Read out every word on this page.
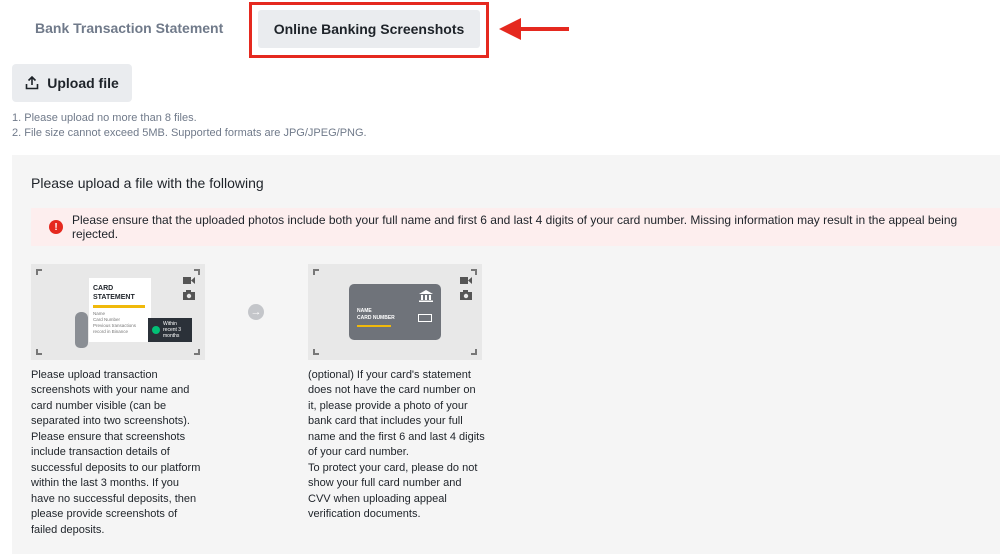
Bank Transaction Statement	Online Banking Screenshots
Upload file
1. Please upload no more than 8 files.
2. File size cannot exceed 5MB. Supported formats are JPG/JPEG/PNG.
Please upload a file with the following
!	Please ensure that the uploaded photos include both your full name and first 6 and last 4 digits of your card number. Missing information may result in the appeal being rejected.
CARD STATEMENT
Name
Card Number
Previous transactions
record in Binance
Within recent 3 months
→	NAME
CARD NUMBER
Please upload transaction screenshots with your name and card number visible (can be separated into two screenshots). Please ensure that screenshots include transaction details of successful deposits to our platform within the last 3 months. If you have no successful deposits, then please provide screenshots of failed deposits.
(optional) If your card's statement does not have the card number on it, please provide a photo of your bank card that includes your full name and the first 6 and last 4 digits of your card number.
To protect your card, please do not show your full card number and CVV when uploading appeal verification documents.
